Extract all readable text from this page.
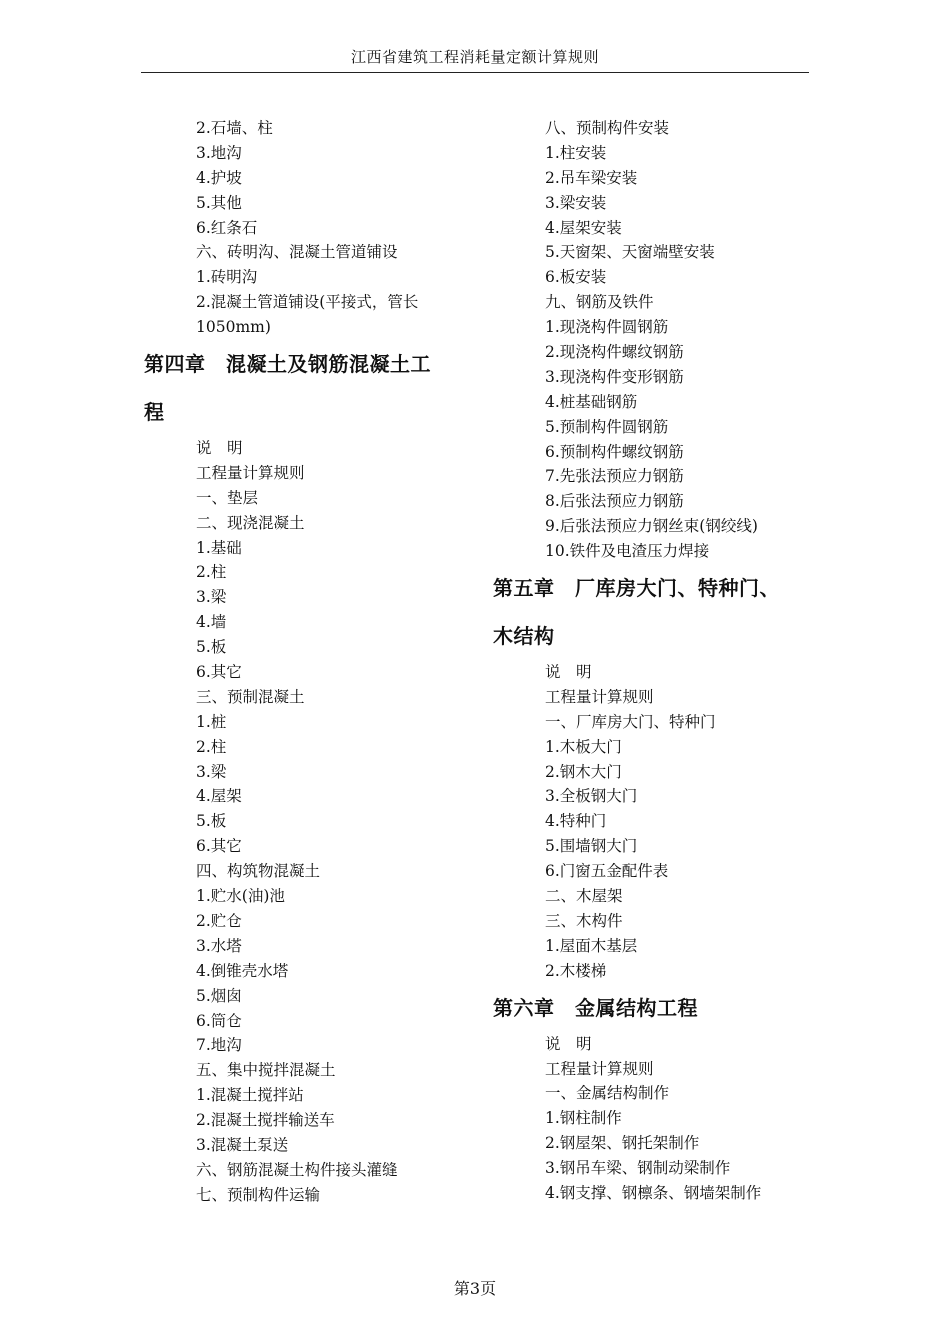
江西省建筑工程消耗量定额计算规则
2.石墙、柱
3.地沟
4.护坡
5.其他
6.红条石
六、砖明沟、混凝土管道铺设
1.砖明沟
2.混凝土管道铺设(平接式，管长
1050mm)
第四章　混凝土及钢筋混凝土工
程
说　明
工程量计算规则
一、垫层
二、现浇混凝土
1.基础
2.柱
3.梁
4.墙
5.板
6.其它
三、预制混凝土
1.桩
2.柱
3.梁
4.屋架
5.板
6.其它
四、构筑物混凝土
1.贮水(油)池
2.贮仓
3.水塔
4.倒锥壳水塔
5.烟囱
6.筒仓
7.地沟
五、集中搅拌混凝土
1.混凝土搅拌站
2.混凝土搅拌输送车
3.混凝土泵送
六、钢筋混凝土构件接头灌缝
七、预制构件运输
八、预制构件安装
1.柱安装
2.吊车梁安装
3.梁安装
4.屋架安装
5.天窗架、天窗端壁安装
6.板安装
九、钢筋及铁件
1.现浇构件圆钢筋
2.现浇构件螺纹钢筋
3.现浇构件变形钢筋
4.桩基础钢筋
5.预制构件圆钢筋
6.预制构件螺纹钢筋
7.先张法预应力钢筋
8.后张法预应力钢筋
9.后张法预应力钢丝束(钢绞线)
10.铁件及电渣压力焊接
第五章　厂库房大门、特种门、
木结构
说　明
工程量计算规则
一、厂库房大门、特种门
1.木板大门
2.钢木大门
3.全板钢大门
4.特种门
5.围墙钢大门
6.门窗五金配件表
二、木屋架
三、木构件
1.屋面木基层
2.木楼梯
第六章　金属结构工程
说　明
工程量计算规则
一、金属结构制作
1.钢柱制作
2.钢屋架、钢托架制作
3.钢吊车梁、钢制动梁制作
4.钢支撑、钢檩条、钢墙架制作
第3页
